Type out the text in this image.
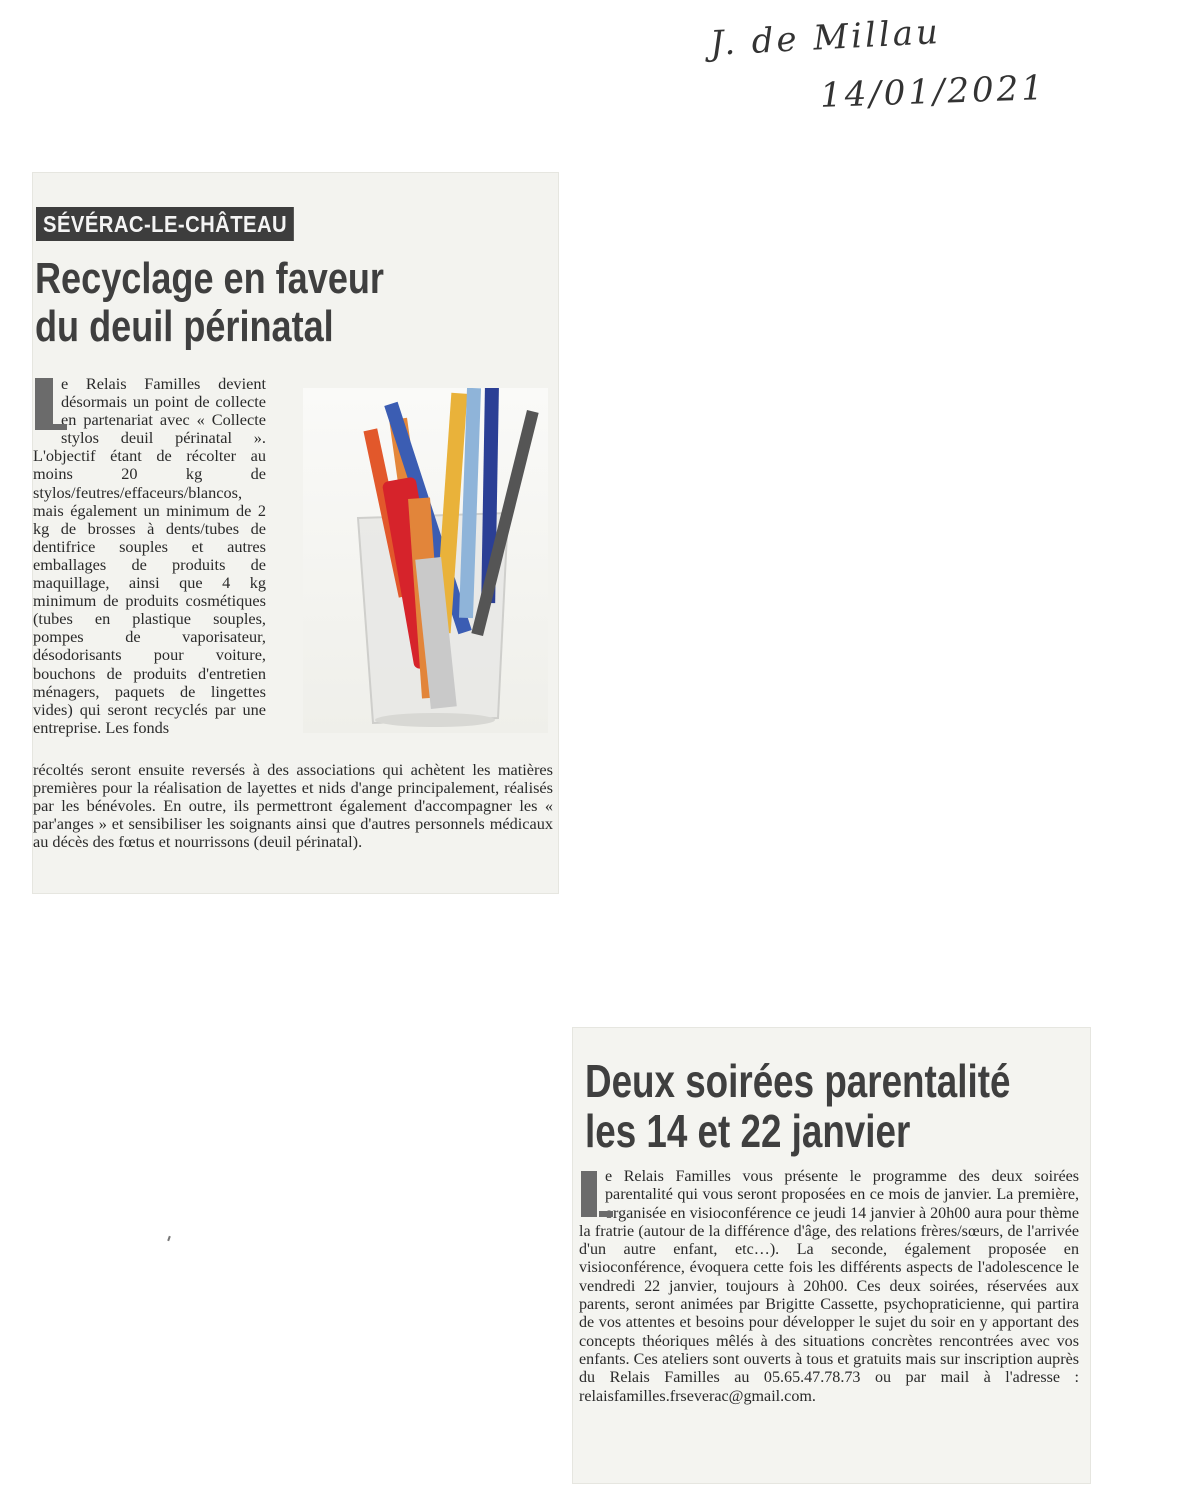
J. de Millau
14/01/2021
SÉVÉRAC-LE-CHÂTEAU
Recyclage en faveur
du deuil périnatal

e Relais Familles devient désormais un point de collecte en partenariat avec « Collecte stylos deuil périnatal ». L'objectif étant de récolter au moins 20 kg de stylos/feutres/effaceurs/blancos, mais également un minimum de 2 kg de brosses à dents/tubes de dentifrice souples et autres emballages de produits de maquillage, ainsi que 4 kg minimum de produits cosmétiques (tubes en plastique souples, pompes de vaporisateur, désodorisants pour voiture, bouchons de produits d'entretien ménagers, paquets de lingettes vides) qui seront recyclés par une entreprise. Les fonds

récoltés seront ensuite reversés à des associations qui achètent les matières premières pour la réalisation de layettes et nids d'ange principalement, réalisés par les bénévoles. En outre, ils permettront également d'accompagner les « par'anges » et sensibiliser les soignants ainsi que d'autres personnels médicaux au décès des fœtus et nourrissons (deuil périnatal).

Deux soirées parentalité
les 14 et 22 janvier

e Relais Familles vous présente le programme des deux soirées parentalité qui vous seront proposées en ce mois de janvier. La première, organisée en visioconférence ce jeudi 14 janvier à 20h00 aura pour thème la fratrie (autour de la différence d'âge, des relations frères/sœurs, de l'arrivée d'un autre enfant, etc…). La seconde, également proposée en visioconférence, évoquera cette fois les différents aspects de l'adolescence le vendredi 22 janvier, toujours à 20h00. Ces deux soirées, réservées aux parents, seront animées par Brigitte Cassette, psychopraticienne, qui partira de vos attentes et besoins pour développer le sujet du soir en y apportant des concepts théoriques mêlés à des situations concrètes rencontrées avec vos enfants. Ces ateliers sont ouverts à tous et gratuits mais sur inscription auprès du Relais Familles au 05.65.47.78.73 ou par mail à l'adresse : relaisfamilles.frseverac@gmail.com.
